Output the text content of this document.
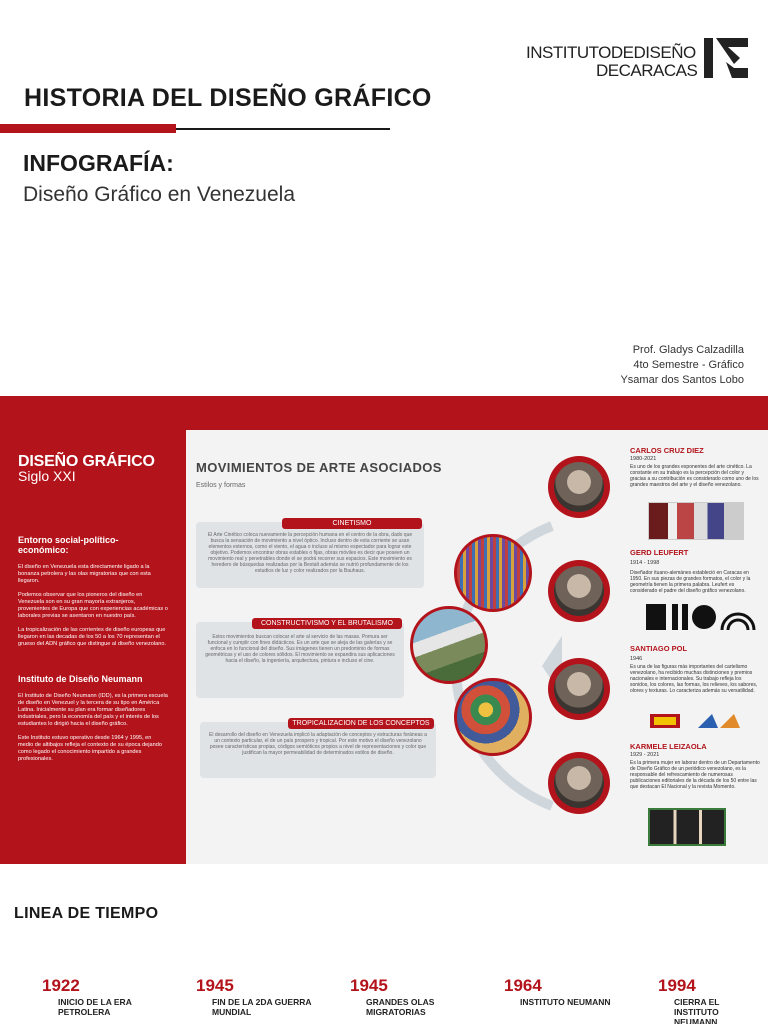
INSTITUTODEDISEÑO
DECARACAS
HISTORIA DEL DISEÑO GRÁFICO
INFOGRAFÍA:
Diseño Gráfico en Venezuela
Prof. Gladys Calzadilla
4to Semestre - Gráfico
Ysamar dos Santos Lobo
DISEÑO GRÁFICO
Siglo XXI
Entorno social-político-económico:

El diseño en Venezuela esta directamente ligado a la bonanza petrolera y las olas migratorias que con esta llegaron.

Podemos observar que los pioneros del diseño en Venezuela son en su gran mayoría extranjeros, provenientes de Europa que con experiencias académicas o laborales previas se asentaron en nuestro país.

La tropicalización de las corrientes de diseño europeas que llegaron en las decadas de los 50 a los 70 representan el grueso del ADN gráfico que distingue al diseño venezolano.

Instituto de Diseño Neumann

El Instituto de Diseño Neumann (IDD), es la primera escuela de diseño en Venezuel y la tercera de su tipo en América Latina. Inicialmente su plan era formar diseñadores industriales, pero la economía del país y el interés de los estudiantes lo dirigió hacia el diseño gráfico.

Este Instituto estuvo operativo desde 1964 y 1995, en medio de altibajos refleja el contexto de su época dejando como legado el conocimiento impartido a grandes profesionales.

MOVIMIENTOS DE ARTE ASOCIADOS
Estilos y formas
CINETISMO
El Arte Cinético coloca nuevamente la percepción humana en el centro de la obra, dado que busca la sensación de movimiento a nivel óptico. Incluso dentro de esta corriente se usan elementos externos, como el viento, el agua o incluso al mismo espectador para lograr este objetivo. Podemos encontrar obras estables o fijas, obras móviles es decir que poseen un movimiento real y penetrables donde el se podrá recorrer sus espacios. Este movimiento es heredero de búsquedas realizadas por la Bestalt además se nutrió profundamente de los estudios de luz y color realizados por la Bauhaus.
CONSTRUCTIVISMO Y EL BRUTALISMO
Estos movimientos buscan colocar el arte al servicio de las masas. Pomura ser funcional y cumplir con fines didácticos. Es un arte que se aleja de las galerías y se enfoca en lo funcional del diseño. Sus imágenes tienen un predominio de formas geométricas y el uso de colores sólidos. El movimiento se expandira sus aplicaciones hacia el diseño, la ingeniería, arquitectura, pintura e incluso el cine.
TROPICALIZACION DE LOS CONCEPTOS
El desarrollo del diseño en Venezuela implicó la adaptación de conceptos y estructuras foráneas a un contexto particular, el de un país prospero y tropical. Por este motivo el diseño venezolano posee características propias, códigos semióticos propios a nivel de representaciones y color que justifican la mayor permeabilidad de determinados estilos de diseño.
CARLOS CRUZ DIEZ
1980-2021
Es uno de los grandes exponentes del arte cinético. La constante en su trabajo es la percepción del color y gracias a su contribución es considerado como uno de los grandes maestros del arte y el diseño venezolano.
GERD LEUFERT
1914 - 1998
Diseñador ituano-alemánes estableció en Caracas en 1950. En sus piezas de grandes formatos, el color y la geometría tienen la primera palabra. Leufert es considerado el padre del diseño gráfico venezolano.
SANTIAGO POL
1946
Es una de las figuras más importantes del cartelismo venezolano, ha recibido muchas distinciones y premios nacionales e internacionales. Su trabajo refleja los sonidos, los colores, las formas, los relieves, los sabores, olores y texturas. Lo caracteriza además su versatilidad.
KARMELE LEIZAOLA
1929 - 2021
Es la primera mujer en laborar dentro de un Departamento de Diseño Gráfico de un periódico venezolano, es la responsable del refrescamiento de numerosas publicaciones editoriales de la década de los 50 entre las que destacan El Nacional y la revista Momento.
LINEA DE TIEMPO
1922
INICIO DE LA ERA PETROLERA
1945
FIN DE LA 2DA GUERRA MUNDIAL
1945
GRANDES OLAS MIGRATORIAS
1964
INSTITUTO NEUMANN
1994
CIERRA EL INSTITUTO NEUMANN
